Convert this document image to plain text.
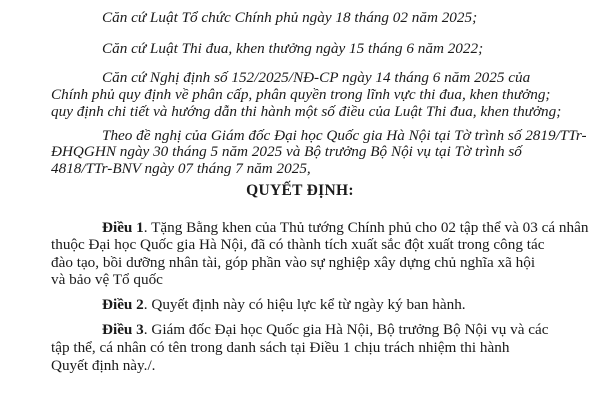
Căn cứ Luật Tổ chức Chính phủ ngày 18 tháng 02 năm 2025;
Căn cứ Luật Thi đua, khen thưởng ngày 15 tháng 6 năm 2022;
Căn cứ Nghị định số 152/2025/NĐ-CP ngày 14 tháng 6 năm 2025 của
Chính phủ quy định về phân cấp, phân quyền trong lĩnh vực thi đua, khen thưởng;
quy định chi tiết và hướng dẫn thi hành một số điều của Luật Thi đua, khen thưởng;
Theo đề nghị của Giám đốc Đại học Quốc gia Hà Nội tại Tờ trình số 2819/TTr-
ĐHQGHN ngày 30 tháng 5 năm 2025 và Bộ trưởng Bộ Nội vụ tại Tờ trình số
4818/TTr-BNV ngày 07 tháng 7 năm 2025,
QUYẾT ĐỊNH:
Điều 1. Tặng Bằng khen của Thủ tướng Chính phủ cho 02 tập thể và 03 cá nhân
thuộc Đại học Quốc gia Hà Nội, đã có thành tích xuất sắc đột xuất trong công tác
đào tạo, bồi dưỡng nhân tài, góp phần vào sự nghiệp xây dựng chủ nghĩa xã hội
và bảo vệ Tổ quốc
Điều 2. Quyết định này có hiệu lực kể từ ngày ký ban hành.
Điều 3. Giám đốc Đại học Quốc gia Hà Nội, Bộ trưởng Bộ Nội vụ và các
tập thể, cá nhân có tên trong danh sách tại Điều 1 chịu trách nhiệm thi hành
Quyết định này./.
